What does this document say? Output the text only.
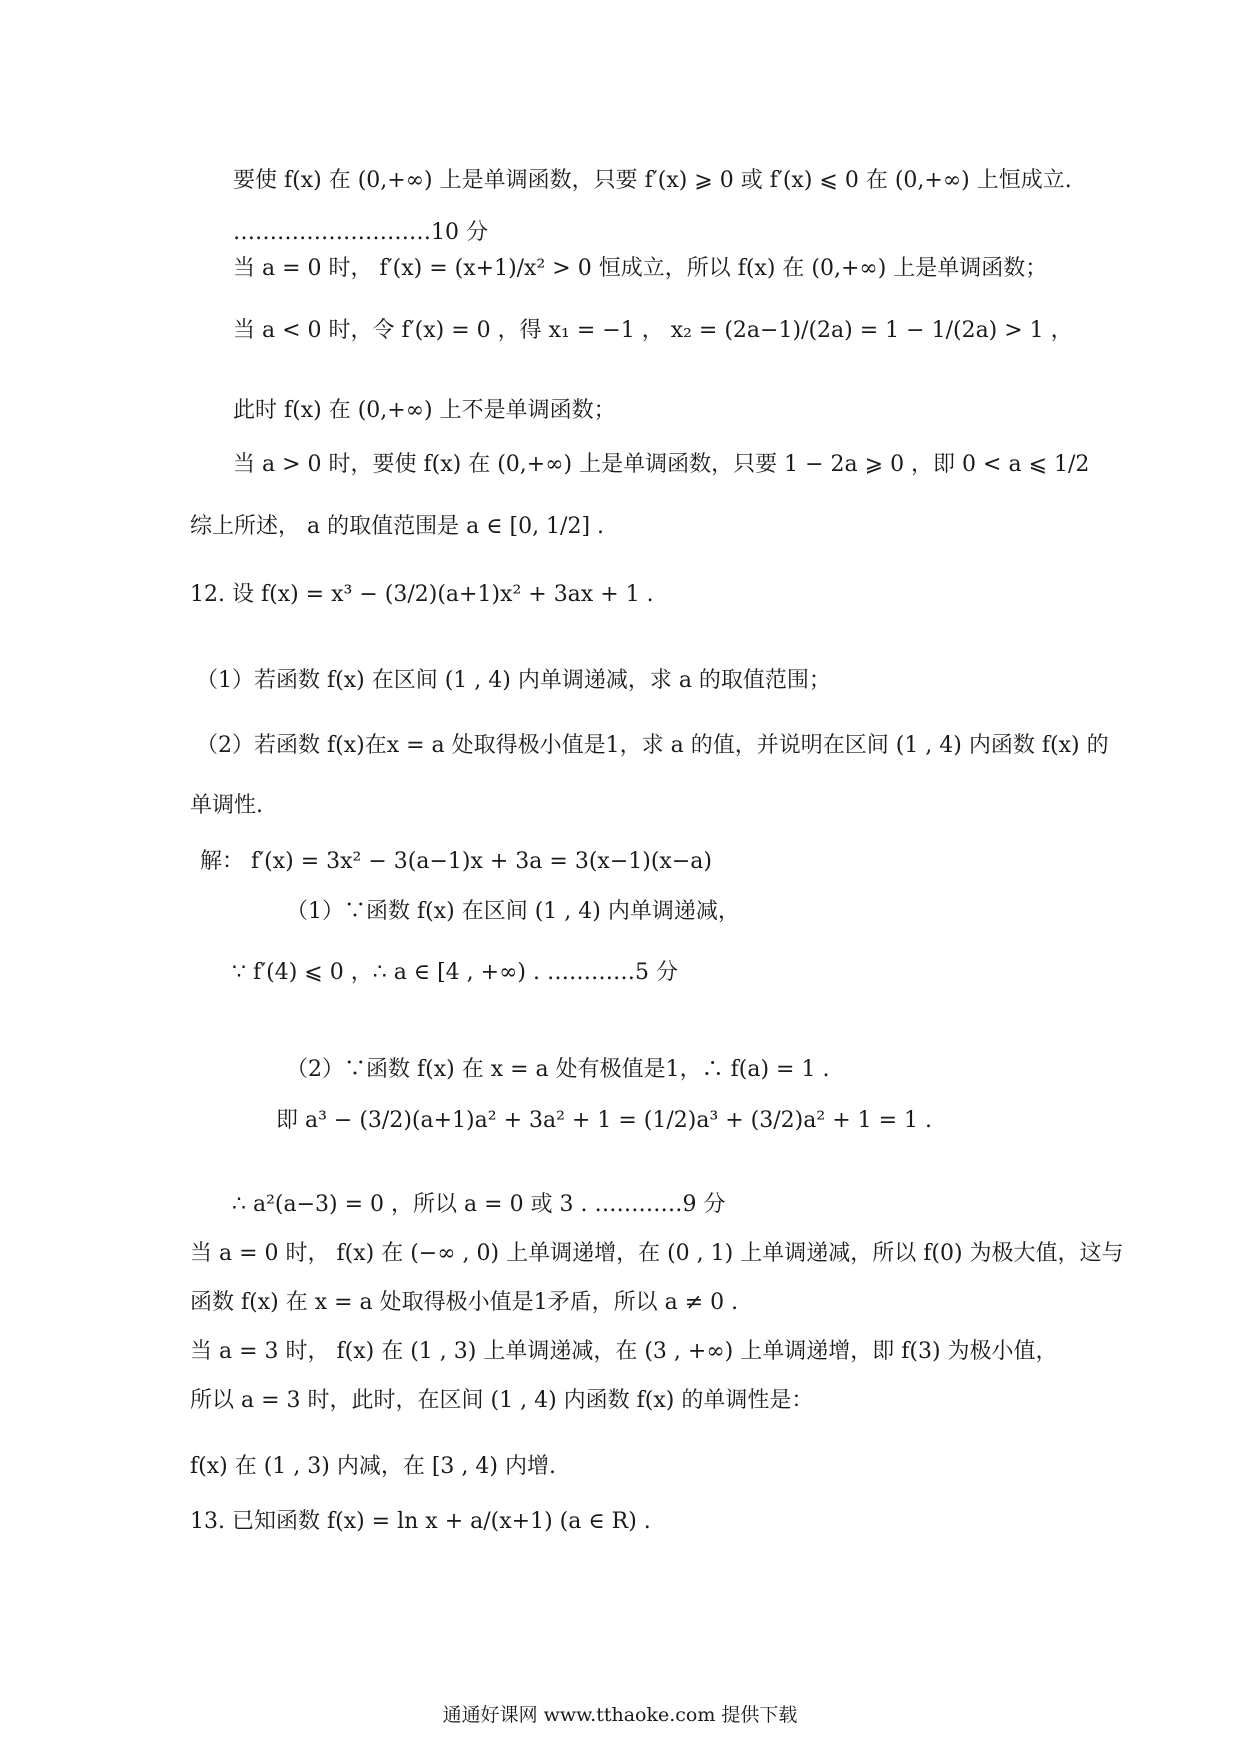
要使 f(x) 在 (0,+∞) 上是单调函数，只要 f′(x) ⩾ 0 或 f′(x) ⩽ 0 在 (0,+∞) 上恒成立.
………………………10 分
当 a = 0 时， f′(x) = (x+1)/x² > 0 恒成立，所以 f(x) 在 (0,+∞) 上是单调函数；
当 a < 0 时，令 f′(x) = 0 ，得 x₁ = −1 ， x₂ = (2a−1)/(2a) = 1 − 1/(2a) > 1 ，
此时 f(x) 在 (0,+∞) 上不是单调函数；
当 a > 0 时，要使 f(x) 在 (0,+∞) 上是单调函数，只要 1 − 2a ⩾ 0 ，即 0 < a ⩽ 1/2
综上所述， a 的取值范围是 a ∈ [0, 1/2] .
12. 设 f(x) = x³ − (3/2)(a+1)x² + 3ax + 1 .
（1）若函数 f(x) 在区间 (1 , 4) 内单调递减，求 a 的取值范围；
（2）若函数 f(x)在x = a 处取得极小值是1，求 a 的值，并说明在区间 (1 , 4) 内函数 f(x) 的
单调性.
解： f′(x) = 3x² − 3(a−1)x + 3a = 3(x−1)(x−a)
（1）∵函数 f(x) 在区间 (1 , 4) 内单调递减，
∵ f′(4) ⩽ 0 ，∴ a ∈ [4 , +∞) . …………5 分
（2）∵函数 f(x) 在 x = a 处有极值是1，∴ f(a) = 1 .
即 a³ − (3/2)(a+1)a² + 3a² + 1 = (1/2)a³ + (3/2)a² + 1 = 1 .
∴ a²(a−3) = 0 ，所以 a = 0 或 3 . …………9 分
当 a = 0 时， f(x) 在 (−∞ , 0) 上单调递增，在 (0 , 1) 上单调递减，所以 f(0) 为极大值，这与
函数 f(x) 在 x = a 处取得极小值是1矛盾，所以 a ≠ 0 .
当 a = 3 时， f(x) 在 (1 , 3) 上单调递减，在 (3 , +∞) 上单调递增，即 f(3) 为极小值，
所以 a = 3 时，此时，在区间 (1 , 4) 内函数 f(x) 的单调性是：
f(x) 在 (1 , 3) 内减，在 [3 , 4) 内增.
13. 已知函数 f(x) = ln x + a/(x+1) (a ∈ R) .
通通好课网 www.tthaoke.com 提供下载
